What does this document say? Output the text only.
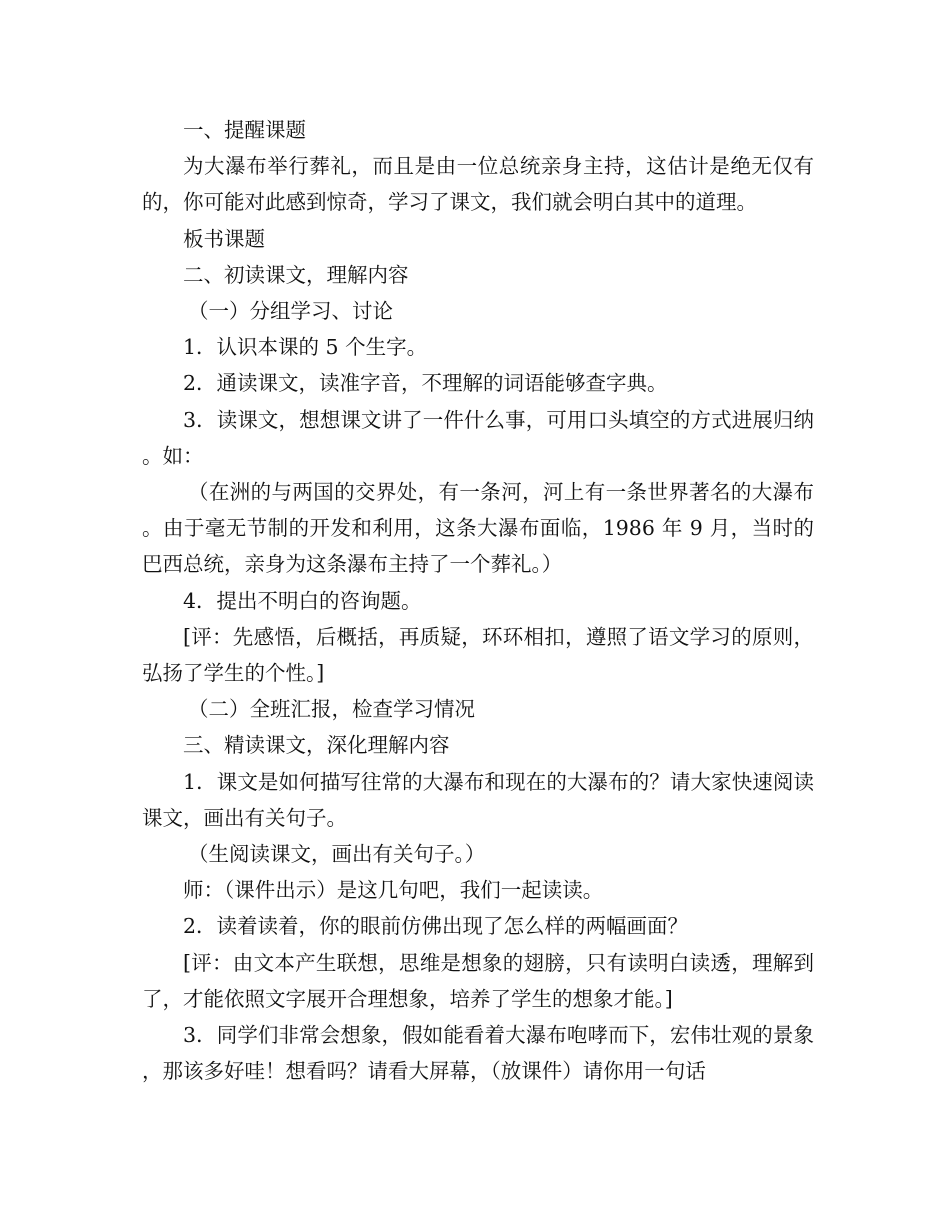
一、提醒课题

为大瀑布举行葬礼，而且是由一位总统亲身主持，这估计是绝无仅有的，你可能对此感到惊奇，学习了课文，我们就会明白其中的道理。

板书课题

二、初读课文，理解内容

（一）分组学习、讨论

1．认识本课的 5 个生字。

2．通读课文，读准字音，不理解的词语能够查字典。

3．读课文，想想课文讲了一件什么事，可用口头填空的方式进展归纳。如：

（在洲的与两国的交界处，有一条河，河上有一条世界著名的大瀑布。由于毫无节制的开发和利用，这条大瀑布面临，1986 年 9 月，当时的巴西总统，亲身为这条瀑布主持了一个葬礼。）

4．提出不明白的咨询题。

[评：先感悟，后概括，再质疑，环环相扣，遵照了语文学习的原则，弘扬了学生的个性。]

（二）全班汇报，检查学习情况

三、精读课文，深化理解内容

1．课文是如何描写往常的大瀑布和现在的大瀑布的？请大家快速阅读课文，画出有关句子。

（生阅读课文，画出有关句子。）

师：（课件出示）是这几句吧，我们一起读读。

2．读着读着，你的眼前仿佛出现了怎么样的两幅画面？

[评：由文本产生联想，思维是想象的翅膀，只有读明白读透，理解到了，才能依照文字展开合理想象，培养了学生的想象才能。]

3．同学们非常会想象，假如能看着大瀑布咆哮而下，宏伟壮观的景象，那该多好哇！想看吗？请看大屏幕，（放课件）请你用一句话
